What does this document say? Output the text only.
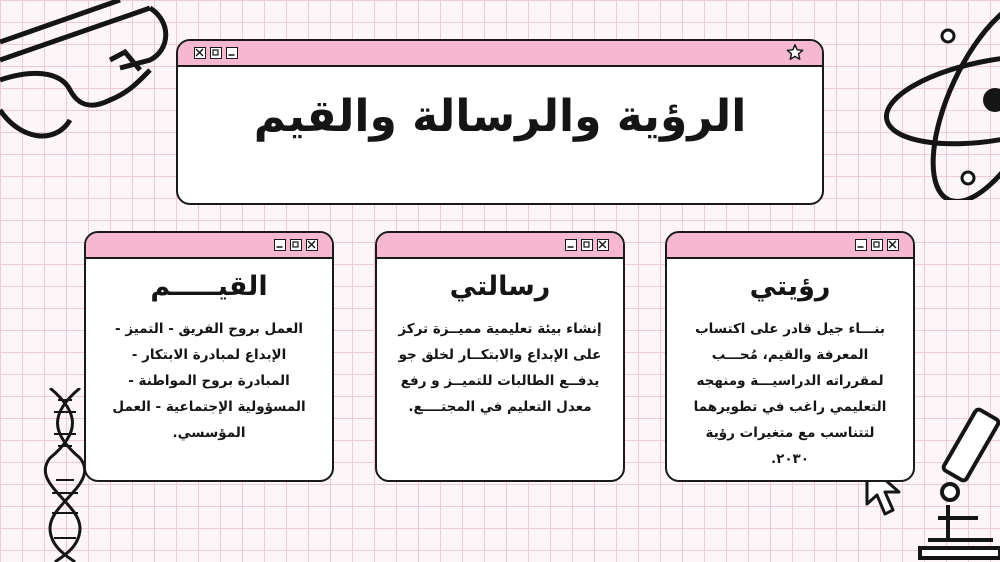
الرؤية والرسالة والقيم
رؤيتي

بنـــاء جيل قادر على اكتساب المعرفة والقيم، مُحـــب لمقرراته الدراسيـــة ومنهجه التعليمي راغب في تطويرهما لتتناسب مع متغيرات رؤية ٢٠٣٠.

رسالتي

إنشاء بيئة تعليمية مميــزة تركز على الإبداع والابتكــار لخلق جو يدفــع الطالبات للتميــز و رفع معدل التعليم في المجتــــع.

القيـــــم

العمل بروح الفريق - التميز - الإبداع لمبادرة الابتكار - المبادرة بروح المواطنة - المسؤولية الإجتماعية - العمل المؤسسي.
